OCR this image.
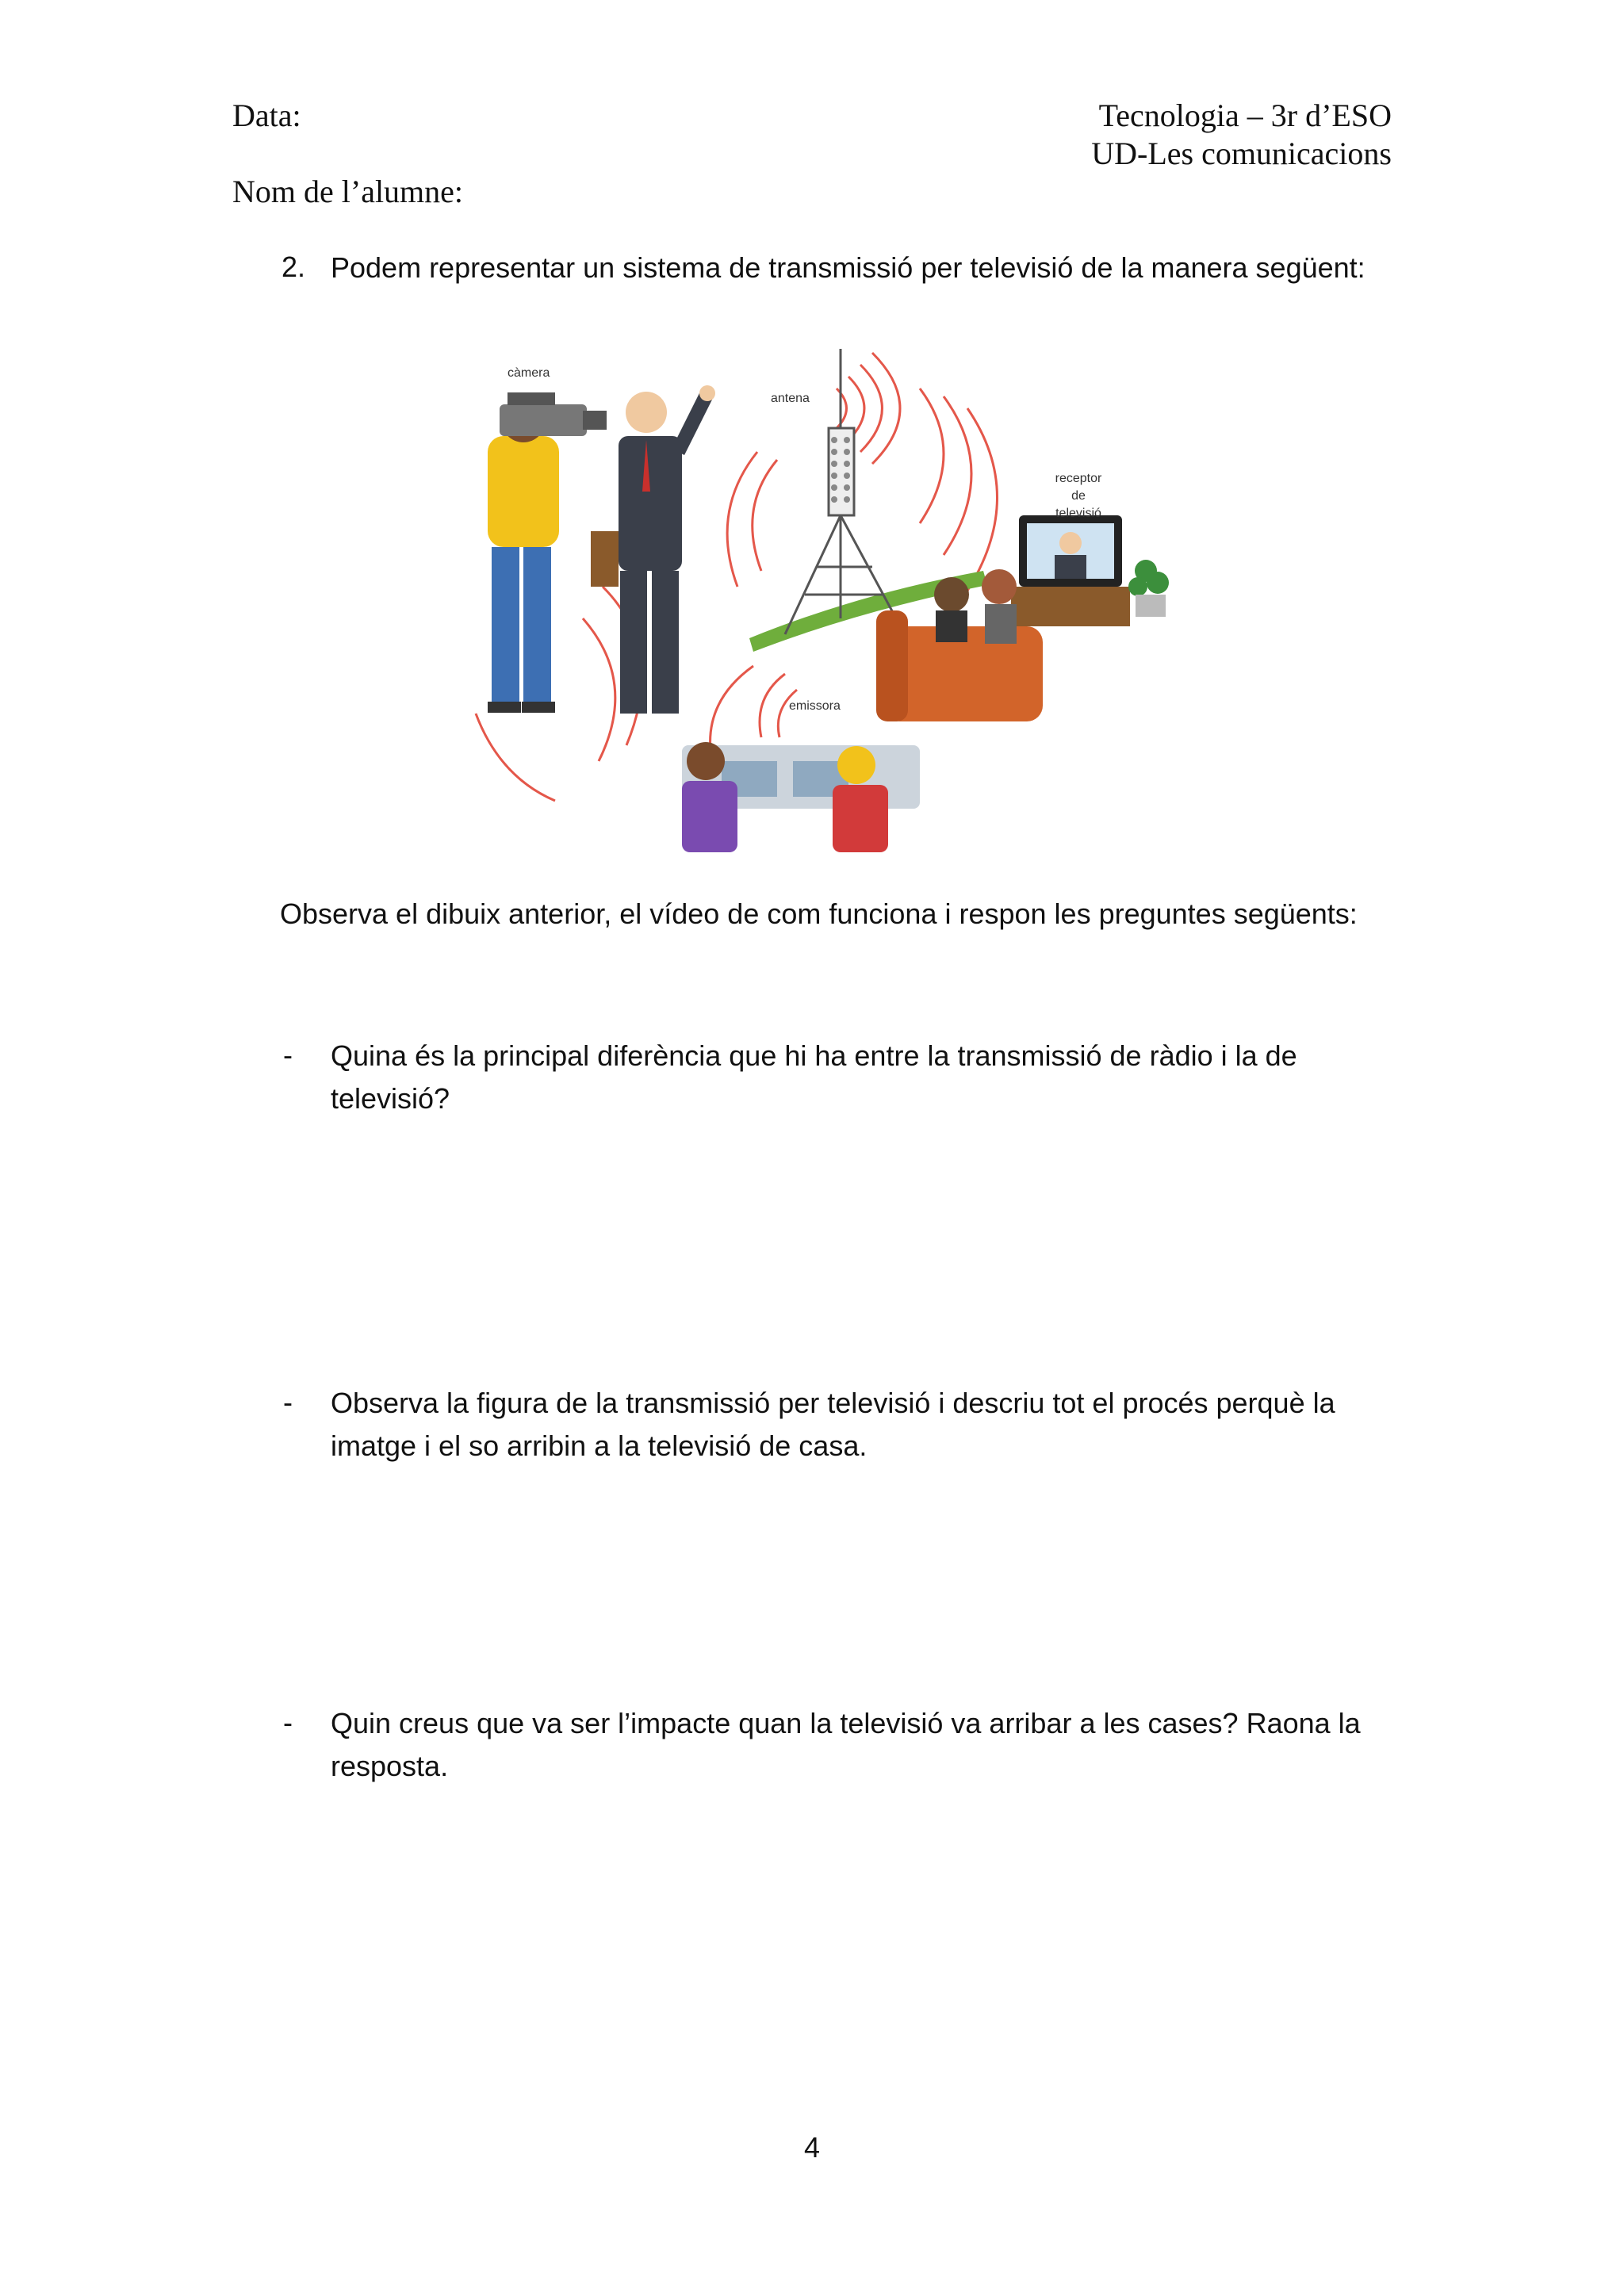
Data:
Nom de l’alumne:
Tecnologia – 3r d’ESO
UD-Les comunicacions
2. Podem representar un sistema de transmissió per televisió de la manera següent:
càmera
antena
receptor
de
televisió
emissora
Observa el dibuix anterior, el vídeo de com funciona i respon les preguntes següents:
- Quina és la principal diferència que hi ha entre la transmissió de ràdio i la de televisió?
- Observa la figura de la transmissió per televisió i descriu tot el procés perquè la imatge i el so arribin a la televisió de casa.
- Quin creus que va ser l’impacte quan la televisió va arribar a les cases? Raona la resposta.
4
